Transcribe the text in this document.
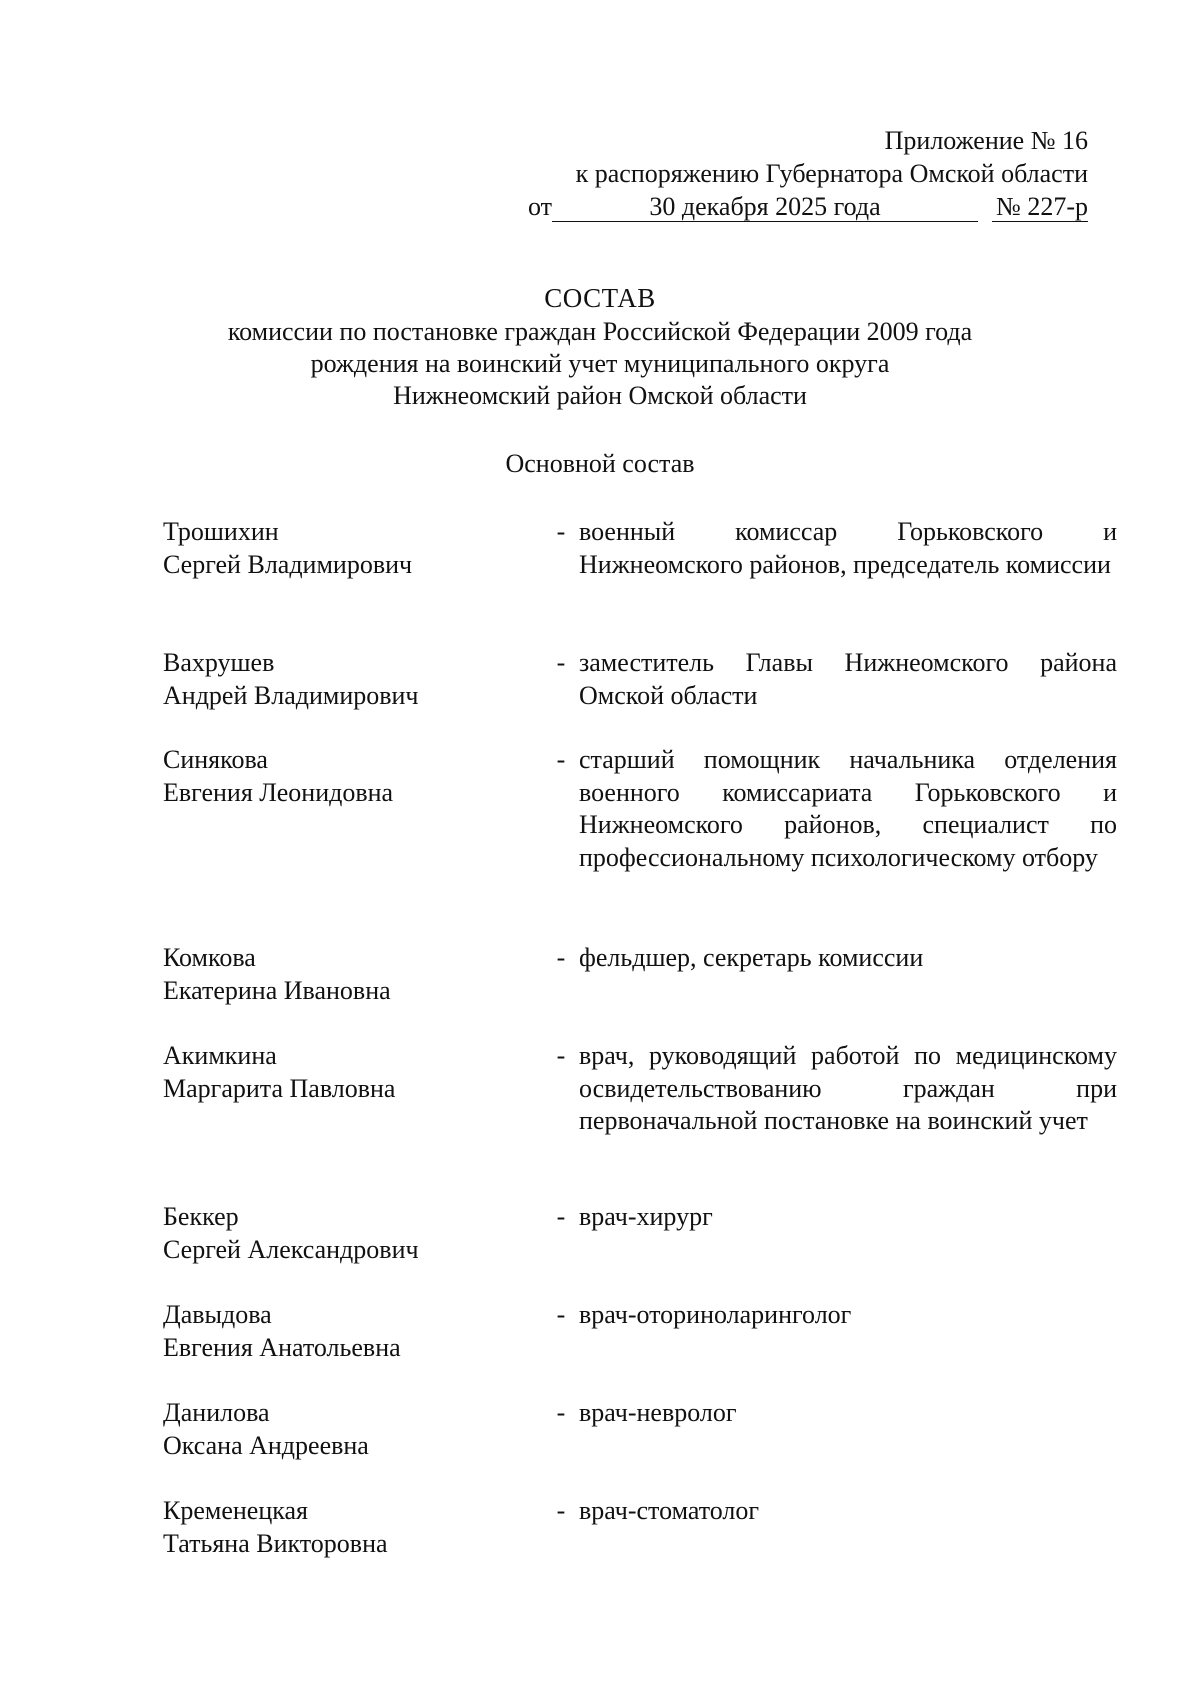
Приложение № 16
к распоряжению Губернатора Омской области
от	30 декабря 2025 года	№ 227-р
СОСТАВ
комиссии по постановке граждан Российской Федерации 2009 года
рождения на воинский учет муниципального округа
Нижнеомский район Омской области
Основной состав
Трошихин
Сергей Владимирович
- военный комиссар Горьковского и Нижнеомского районов, председатель комиссии
Вахрушев
Андрей Владимирович
- заместитель Главы Нижнеомского района Омской области
Синякова
Евгения Леонидовна
- старший помощник начальника отделения военного комиссариата Горьковского и Нижнеомского районов, специалист по профессиональному психологическому отбору
Комкова
Екатерина Ивановна
- фельдшер, секретарь комиссии
Акимкина
Маргарита Павловна
- врач, руководящий работой по медицинскому освидетельствованию граждан при первоначальной постановке на воинский учет
Беккер
Сергей Александрович
- врач-хирург
Давыдова
Евгения Анатольевна
- врач-оториноларинголог
Данилова
Оксана Андреевна
- врач-невролог
Кременецкая
Татьяна Викторовна
- врач-стоматолог
